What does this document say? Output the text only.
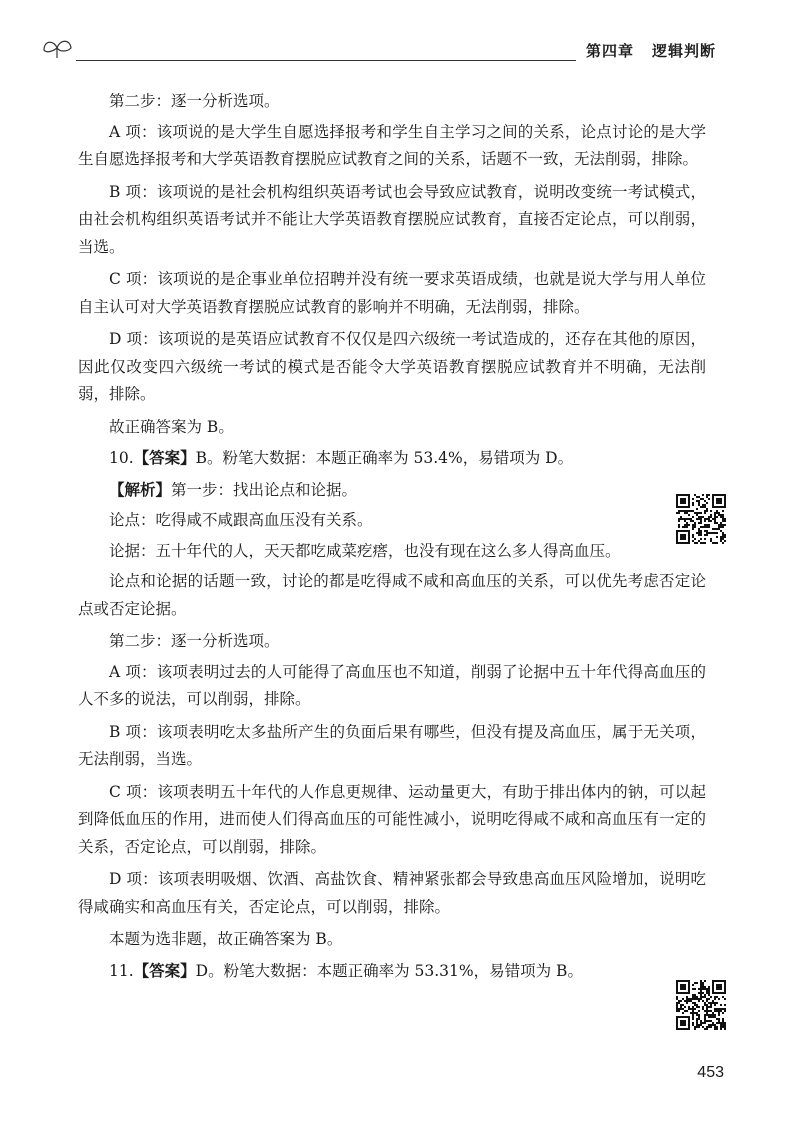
第四章 逻辑判断

第二步：逐一分析选项。

A 项：该项说的是大学生自愿选择报考和学生自主学习之间的关系，论点讨论的是大学生自愿选择报考和大学英语教育摆脱应试教育之间的关系，话题不一致，无法削弱，排除。

B 项：该项说的是社会机构组织英语考试也会导致应试教育，说明改变统一考试模式，由社会机构组织英语考试并不能让大学英语教育摆脱应试教育，直接否定论点，可以削弱，当选。

C 项：该项说的是企事业单位招聘并没有统一要求英语成绩，也就是说大学与用人单位自主认可对大学英语教育摆脱应试教育的影响并不明确，无法削弱，排除。

D 项：该项说的是英语应试教育不仅仅是四六级统一考试造成的，还存在其他的原因，因此仅改变四六级统一考试的模式是否能令大学英语教育摆脱应试教育并不明确，无法削弱，排除。

故正确答案为 B。

10.【答案】B。粉笔大数据：本题正确率为 53.4%，易错项为 D。

【解析】第一步：找出论点和论据。

论点：吃得咸不咸跟高血压没有关系。

论据：五十年代的人，天天都吃咸菜疙瘩，也没有现在这么多人得高血压。

论点和论据的话题一致，讨论的都是吃得咸不咸和高血压的关系，可以优先考虑否定论点或否定论据。

第二步：逐一分析选项。

A 项：该项表明过去的人可能得了高血压也不知道，削弱了论据中五十年代得高血压的人不多的说法，可以削弱，排除。

B 项：该项表明吃太多盐所产生的负面后果有哪些，但没有提及高血压，属于无关项，无法削弱，当选。

C 项：该项表明五十年代的人作息更规律、运动量更大，有助于排出体内的钠，可以起到降低血压的作用，进而使人们得高血压的可能性减小，说明吃得咸不咸和高血压有一定的关系，否定论点，可以削弱，排除。

D 项：该项表明吸烟、饮酒、高盐饮食、精神紧张都会导致患高血压风险增加，说明吃得咸确实和高血压有关，否定论点，可以削弱，排除。

本题为选非题，故正确答案为 B。

11.【答案】D。粉笔大数据：本题正确率为 53.31%，易错项为 B。

453
